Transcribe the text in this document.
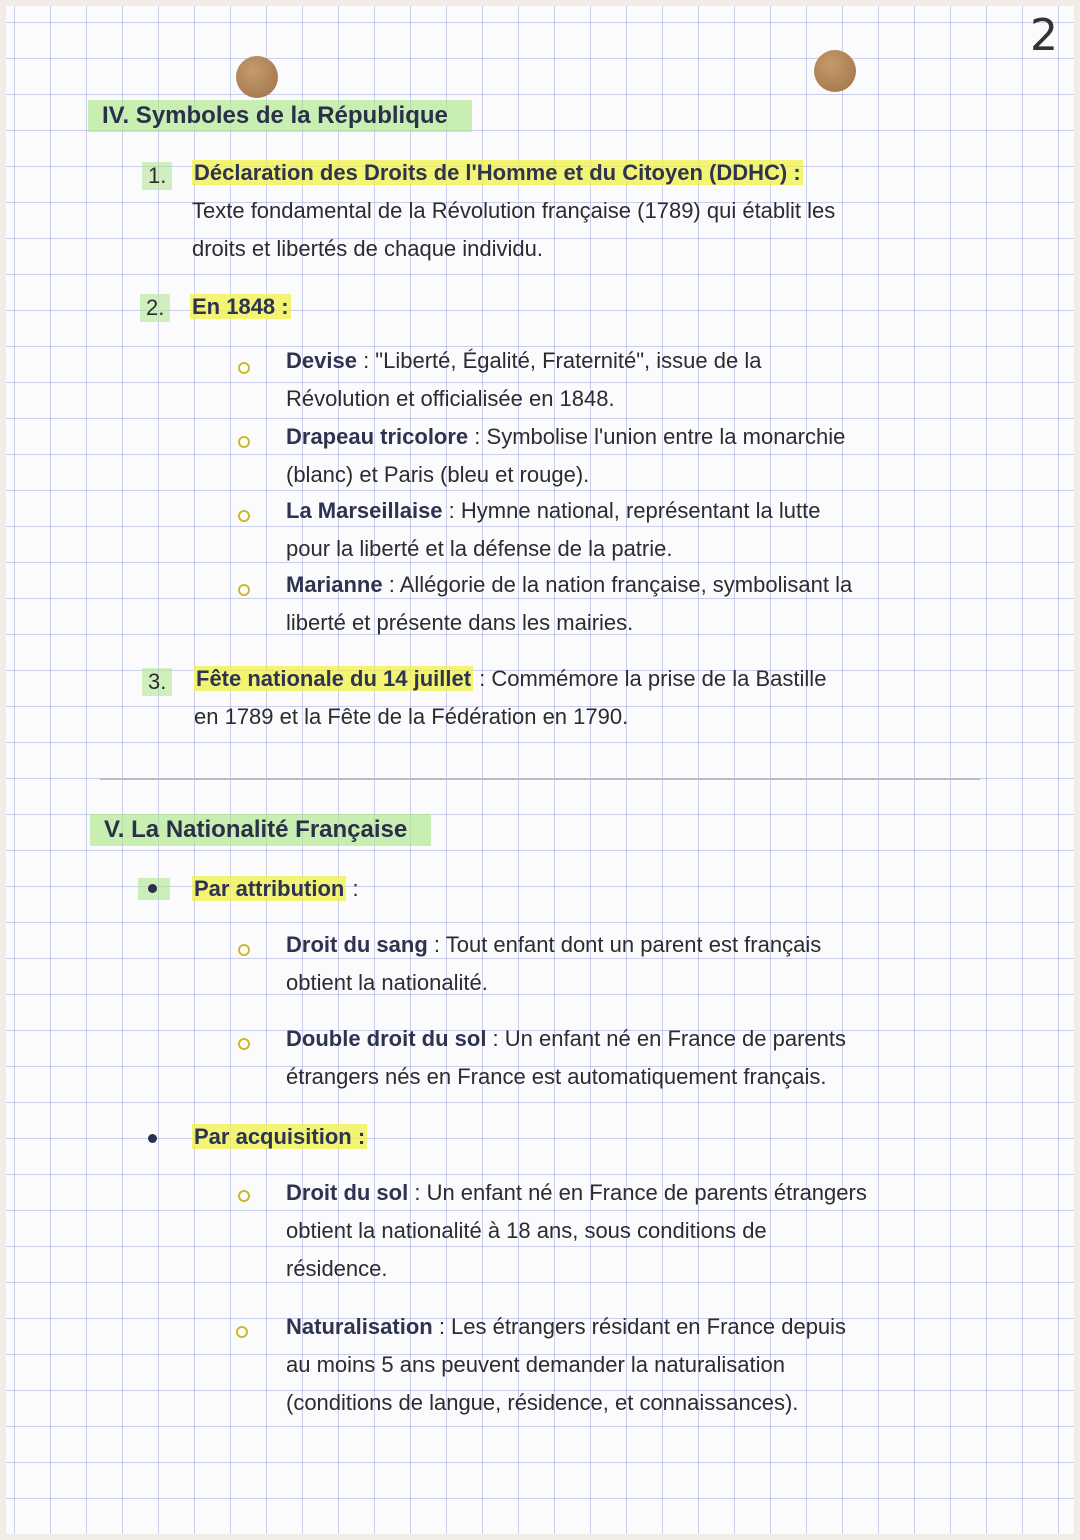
2
IV. Symboles de la République
1. Déclaration des Droits de l'Homme et du Citoyen (DDHC) :
Texte fondamental de la Révolution française (1789) qui établit les
droits et libertés de chaque individu.
2. En 1848 :
Devise : "Liberté, Égalité, Fraternité", issue de la
Révolution et officialisée en 1848.
Drapeau tricolore : Symbolise l'union entre la monarchie
(blanc) et Paris (bleu et rouge).
La Marseillaise : Hymne national, représentant la lutte
pour la liberté et la défense de la patrie.
Marianne : Allégorie de la nation française, symbolisant la
liberté et présente dans les mairies.
3. Fête nationale du 14 juillet : Commémore la prise de la Bastille
en 1789 et la Fête de la Fédération en 1790.
V. La Nationalité Française
Par attribution :
Droit du sang : Tout enfant dont un parent est français
obtient la nationalité.
Double droit du sol : Un enfant né en France de parents
étrangers nés en France est automatiquement français.
Par acquisition :
Droit du sol : Un enfant né en France de parents étrangers
obtient la nationalité à 18 ans, sous conditions de
résidence.
Naturalisation : Les étrangers résidant en France depuis
au moins 5 ans peuvent demander la naturalisation
(conditions de langue, résidence, et connaissances).
